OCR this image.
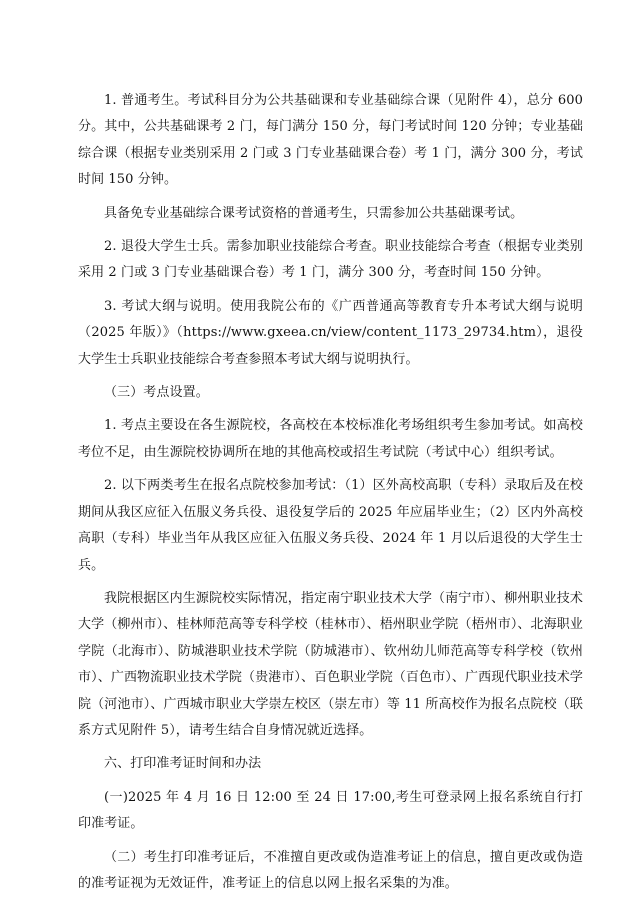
1. 普通考生。考试科目分为公共基础课和专业基础综合课（见附件 4），总分 600 分。其中，公共基础课考 2 门，每门满分 150 分，每门考试时间 120 分钟；专业基础综合课（根据专业类别采用 2 门或 3 门专业基础课合卷）考 1 门，满分 300 分，考试时间 150 分钟。

具备免专业基础综合课考试资格的普通考生，只需参加公共基础课考试。

2. 退役大学生士兵。需参加职业技能综合考查。职业技能综合考查（根据专业类别采用 2 门或 3 门专业基础课合卷）考 1 门，满分 300 分，考查时间 150 分钟。

3. 考试大纲与说明。使用我院公布的《广西普通高等教育专升本考试大纲与说明（2025 年版）》（https://www.gxeea.cn/view/content_1173_29734.htm），退役大学生士兵职业技能综合考查参照本考试大纲与说明执行。

（三）考点设置。

1. 考点主要设在各生源院校，各高校在本校标准化考场组织考生参加考试。如高校考位不足，由生源院校协调所在地的其他高校或招生考试院（考试中心）组织考试。

2. 以下两类考生在报名点院校参加考试：（1）区外高校高职（专科）录取后及在校期间从我区应征入伍服义务兵役、退役复学后的 2025 年应届毕业生；（2）区内外高校高职（专科）毕业当年从我区应征入伍服义务兵役、2024 年 1 月以后退役的大学生士兵。

我院根据区内生源院校实际情况，指定南宁职业技术大学（南宁市）、柳州职业技术大学（柳州市）、桂林师范高等专科学校（桂林市）、梧州职业学院（梧州市）、北海职业学院（北海市）、防城港职业技术学院（防城港市）、钦州幼儿师范高等专科学校（钦州市）、广西物流职业技术学院（贵港市）、百色职业学院（百色市）、广西现代职业技术学院（河池市）、广西城市职业大学崇左校区（崇左市）等 11 所高校作为报名点院校（联系方式见附件 5），请考生结合自身情况就近选择。

六、打印准考证时间和办法

(一)2025 年 4 月 16 日 12:00 至 24 日 17:00,考生可登录网上报名系统自行打印准考证。

（二）考生打印准考证后，不准擅自更改或伪造准考证上的信息，擅自更改或伪造的准考证视为无效证件，准考证上的信息以网上报名采集的为准。
